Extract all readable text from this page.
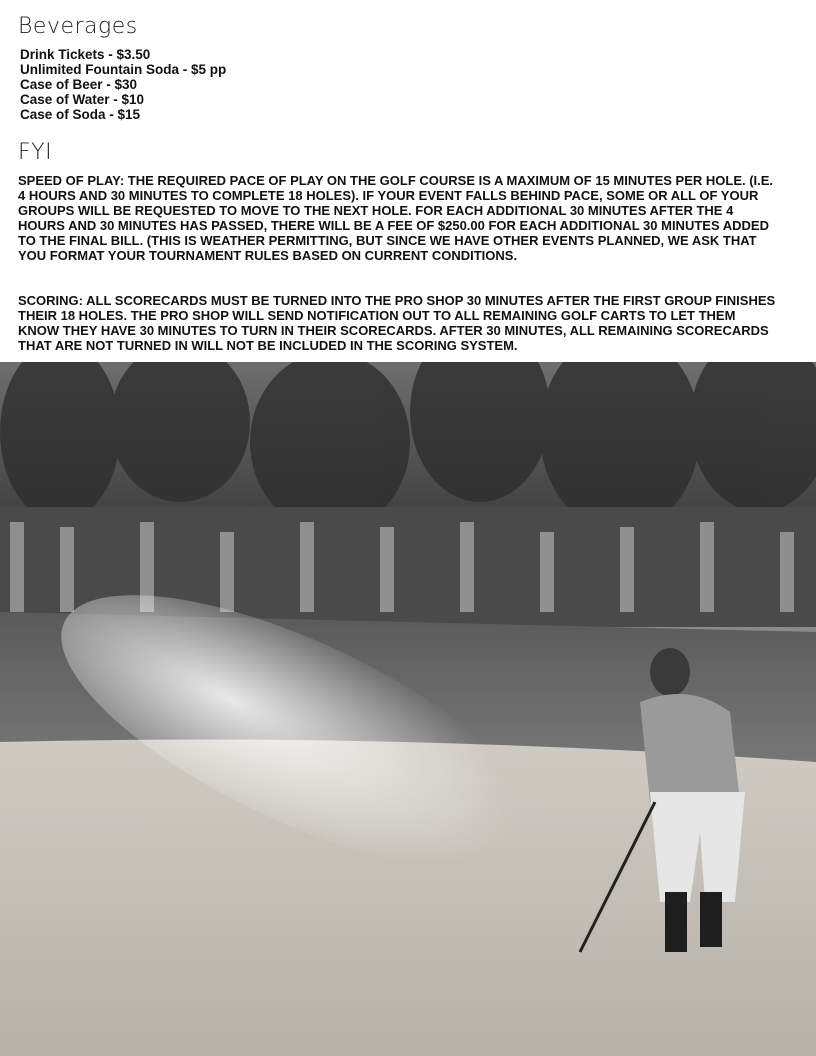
Beverages
Drink Tickets - $3.50
Unlimited Fountain Soda - $5 pp
Case of Beer - $30
Case of Water - $10
Case of Soda - $15
FYI

SPEED OF PLAY: THE REQUIRED PACE OF PLAY ON THE GOLF COURSE IS A MAXIMUM OF 15 MINUTES PER HOLE. (I.E. 4 HOURS AND 30 MINUTES TO COMPLETE 18 HOLES). IF YOUR EVENT FALLS BEHIND PACE, SOME OR ALL OF YOUR GROUPS WILL BE REQUESTED TO MOVE TO THE NEXT HOLE. FOR EACH ADDITIONAL 30 MINUTES AFTER THE 4 HOURS AND 30 MINUTES HAS PASSED, THERE WILL BE A FEE OF $250.00 FOR EACH ADDITIONAL 30 MINUTES ADDED TO THE FINAL BILL. (THIS IS WEATHER PERMITTING, BUT SINCE WE HAVE OTHER EVENTS PLANNED, WE ASK THAT YOU FORMAT YOUR TOURNAMENT RULES BASED ON CURRENT CONDITIONS.

SCORING: ALL SCORECARDS MUST BE TURNED INTO THE PRO SHOP 30 MINUTES AFTER THE FIRST GROUP FINISHES THEIR 18 HOLES. THE PRO SHOP WILL SEND NOTIFICATION OUT TO ALL REMAINING GOLF CARTS TO LET THEM KNOW THEY HAVE 30 MINUTES TO TURN IN THEIR SCORECARDS. AFTER 30 MINUTES, ALL REMAINING SCORECARDS THAT ARE NOT TURNED IN WILL NOT BE INCLUDED IN THE SCORING SYSTEM.
